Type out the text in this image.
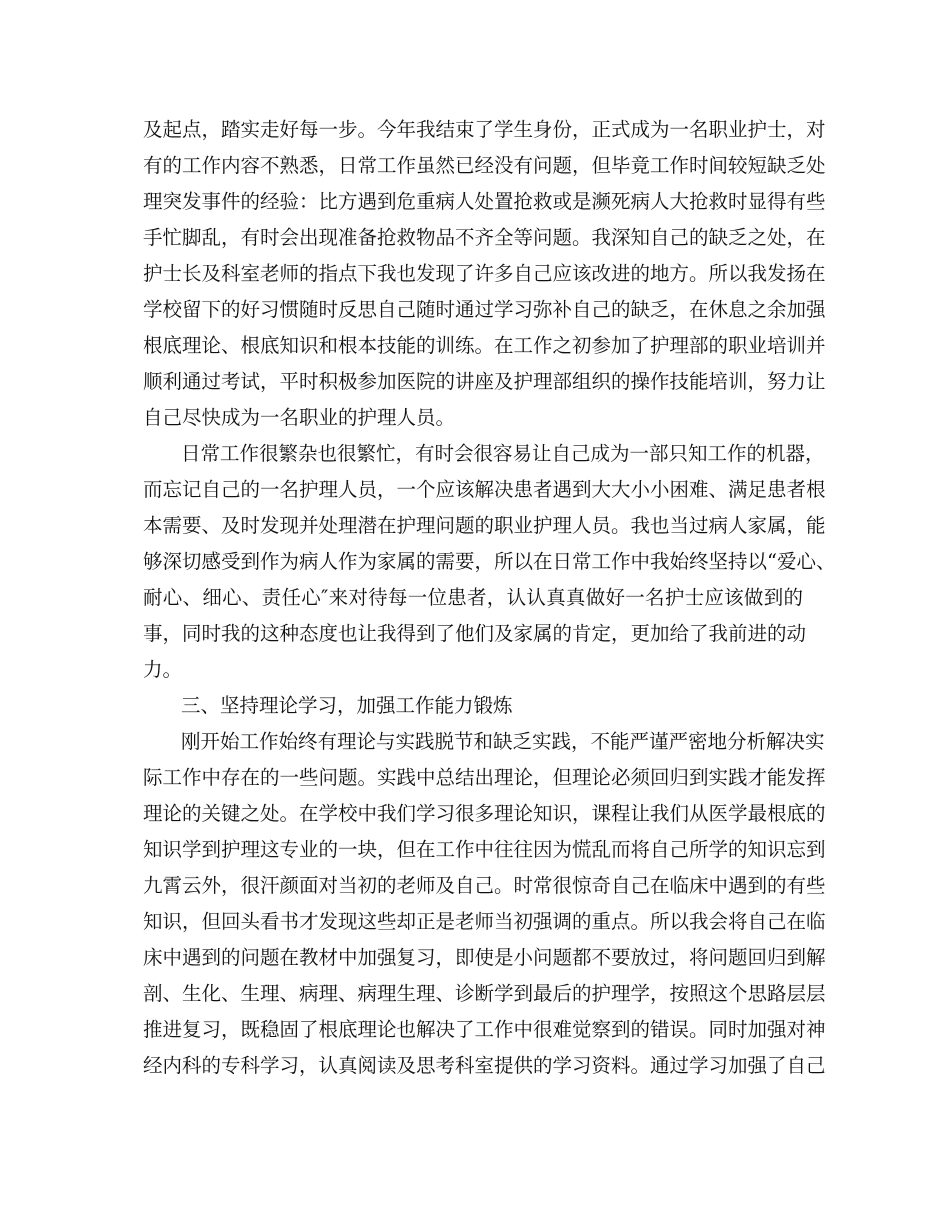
及起点，踏实走好每一步。今年我结束了学生身份，正式成为一名职业护士，对
有的工作内容不熟悉，日常工作虽然已经没有问题，但毕竟工作时间较短缺乏处
理突发事件的经验：比方遇到危重病人处置抢救或是濒死病人大抢救时显得有些
手忙脚乱，有时会出现准备抢救物品不齐全等问题。我深知自己的缺乏之处，在
护士长及科室老师的指点下我也发现了许多自己应该改进的地方。所以我发扬在
学校留下的好习惯随时反思自己随时通过学习弥补自己的缺乏，在休息之余加强
根底理论、根底知识和根本技能的训练。在工作之初参加了护理部的职业培训并
顺利通过考试，平时积极参加医院的讲座及护理部组织的操作技能培训，努力让
自己尽快成为一名职业的护理人员。
日常工作很繁杂也很繁忙，有时会很容易让自己成为一部只知工作的机器，
而忘记自己的一名护理人员，一个应该解决患者遇到大大小小困难、满足患者根
本需要、及时发现并处理潜在护理问题的职业护理人员。我也当过病人家属，能
够深切感受到作为病人作为家属的需要，所以在日常工作中我始终坚持以“爱心、
耐心、细心、责任心″来对待每一位患者，认认真真做好一名护士应该做到的
事，同时我的这种态度也让我得到了他们及家属的肯定，更加给了我前进的动
力。
三、坚持理论学习，加强工作能力锻炼
刚开始工作始终有理论与实践脱节和缺乏实践，不能严谨严密地分析解决实
际工作中存在的一些问题。实践中总结出理论，但理论必须回归到实践才能发挥
理论的关键之处。在学校中我们学习很多理论知识，课程让我们从医学最根底的
知识学到护理这专业的一块，但在工作中往往因为慌乱而将自己所学的知识忘到
九霄云外，很汗颜面对当初的老师及自己。时常很惊奇自己在临床中遇到的有些
知识，但回头看书才发现这些却正是老师当初强调的重点。所以我会将自己在临
床中遇到的问题在教材中加强复习，即使是小问题都不要放过，将问题回归到解
剖、生化、生理、病理、病理生理、诊断学到最后的护理学，按照这个思路层层
推进复习，既稳固了根底理论也解决了工作中很难觉察到的错误。同时加强对神
经内科的专科学习，认真阅读及思考科室提供的学习资料。通过学习加强了自己
